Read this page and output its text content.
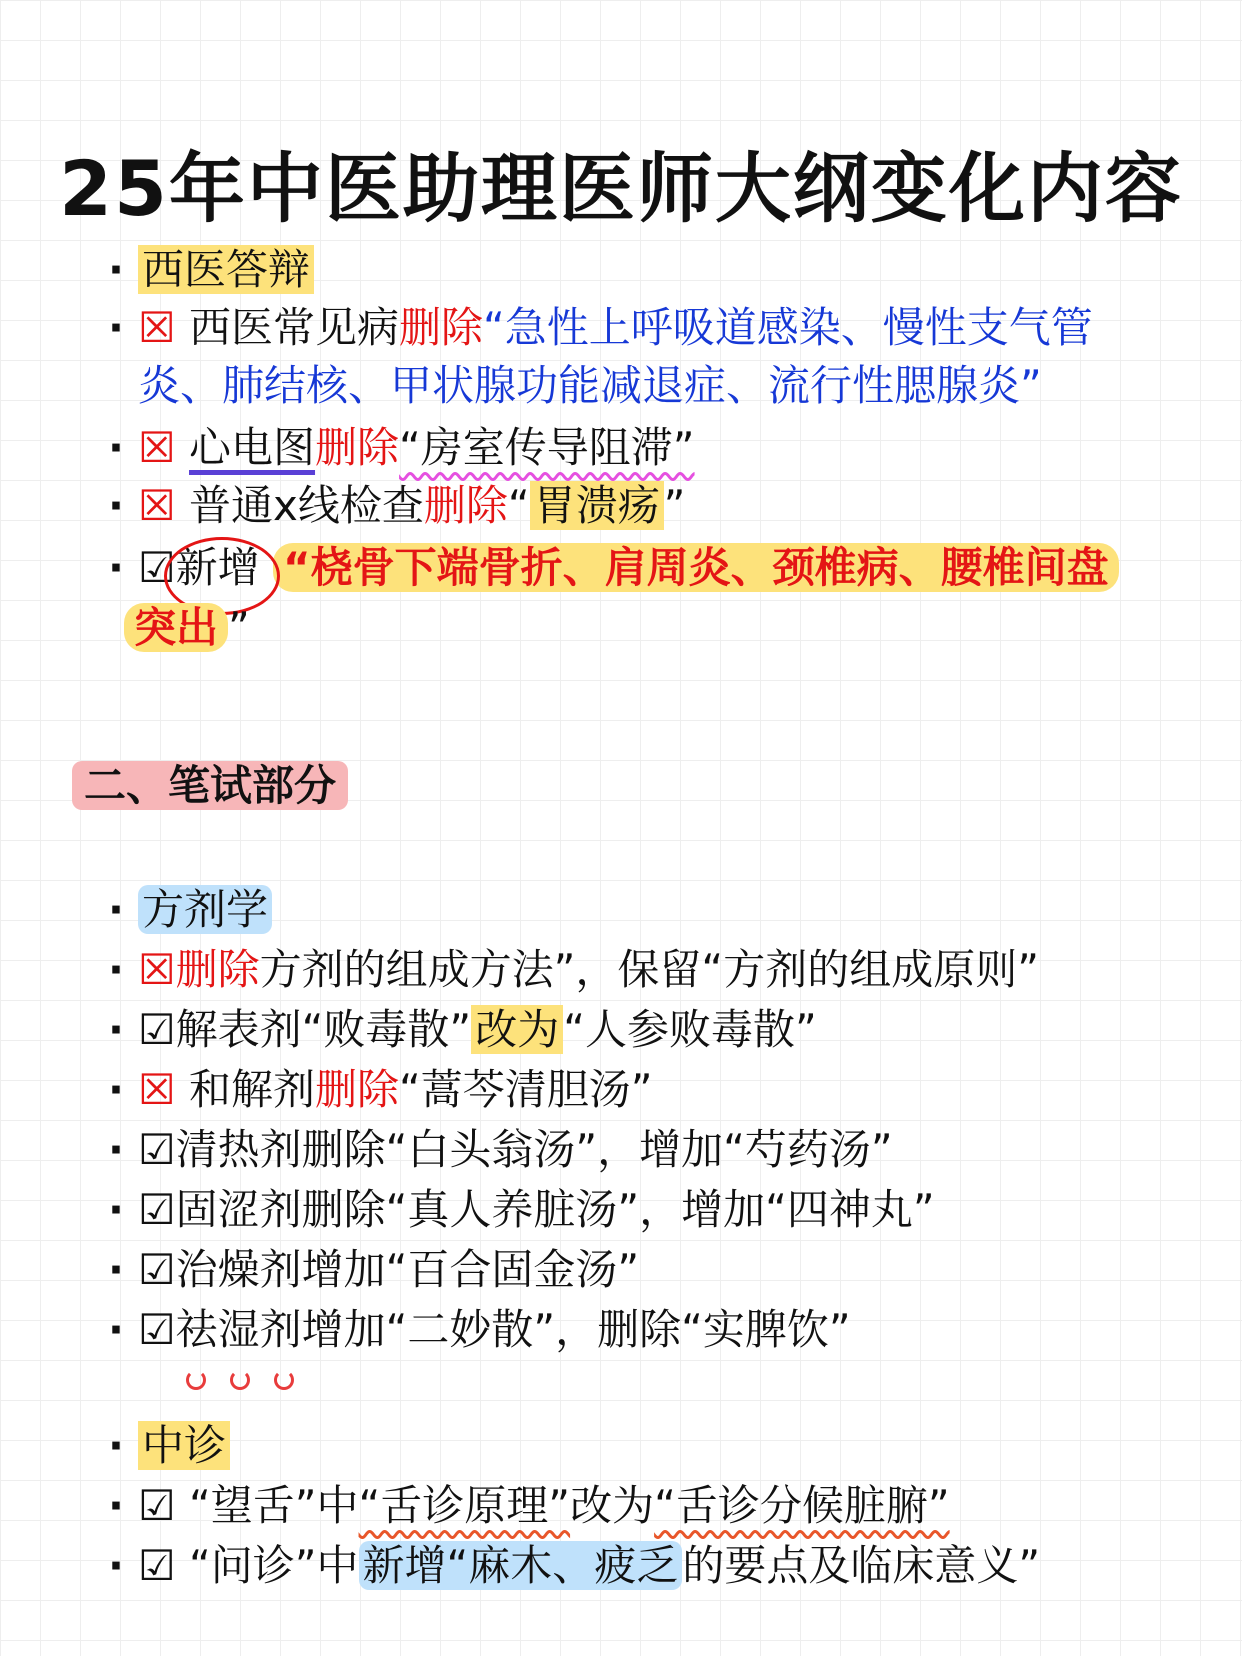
25年中医助理医师大纲变化内容
· 西医答辩
· ☒ 西医常见病删除“急性上呼吸道感染、慢性支气管
炎、肺结核、甲状腺功能减退症、流行性腮腺炎”
· ☒ 心电图删除“房室传导阻滞”
· ☒ 普通x线检查删除“胃溃疡”
· ☑新增 “桡骨下端骨折、肩周炎、颈椎病、腰椎间盘
突出 ”
二、笔试部分
· 方剂学
· ☒删除方剂的组成方法”，保留“方剂的组成原则”
· ☑解表剂“败毒散”改为“人参败毒散”
· ☒ 和解剂删除“蒿芩清胆汤”
· ☑清热剂删除“白头翁汤”，增加“芍药汤”
· ☑固涩剂删除“真人养脏汤”，增加“四神丸”
· ☑治燥剂增加“百合固金汤”
· ☑祛湿剂增加“二妙散”，删除“实脾饮”
· 中诊
· ☑ “望舌”中“舌诊原理”改为“舌诊分候脏腑”
· ☑ “问诊”中新增“麻木、疲乏的要点及临床意义”
